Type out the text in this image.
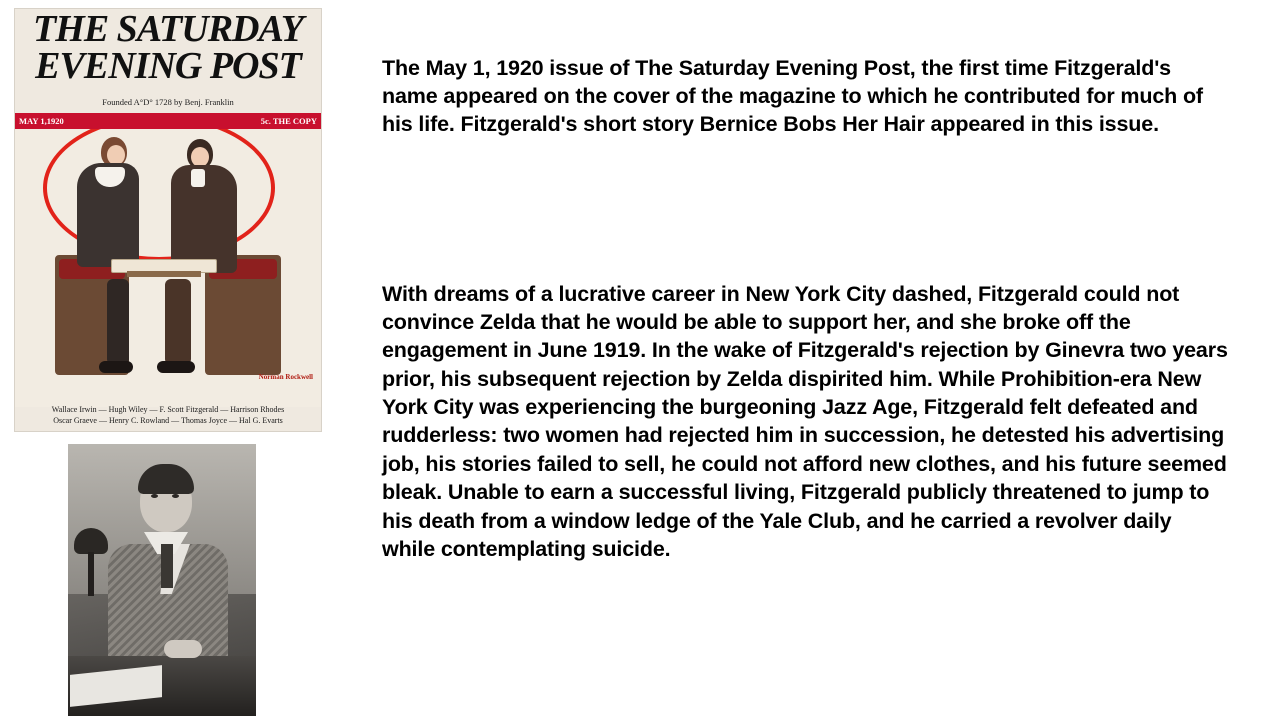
THE SATURDAY
EVENING POST
Founded A°D° 1728 by Benj. Franklin
MAY 1,1920	5c. THE COPY
Norman Rockwell
Wallace Irwin — Hugh Wiley — F. Scott Fitzgerald — Harrison Rhodes
Oscar Graeve — Henry C. Rowland — Thomas Joyce — Hal G. Evarts

The May 1, 1920 issue of The Saturday Evening Post, the first time Fitzgerald's name appeared on the cover of the magazine to which he contributed for much of his life. Fitzgerald's short story Bernice Bobs Her Hair appeared in this issue.

With dreams of a lucrative career in New York City dashed, Fitzgerald could not convince Zelda that he would be able to support her, and she broke off the engagement in June 1919. In the wake of Fitzgerald's rejection by Ginevra two years prior, his subsequent rejection by Zelda dispirited him. While Prohibition-era New York City was experiencing the burgeoning Jazz Age, Fitzgerald felt defeated and rudderless: two women had rejected him in succession, he detested his advertising job, his stories failed to sell, he could not afford new clothes, and his future seemed bleak. Unable to earn a successful living, Fitzgerald publicly threatened to jump to his death from a window ledge of the Yale Club, and he carried a revolver daily while contemplating suicide.
